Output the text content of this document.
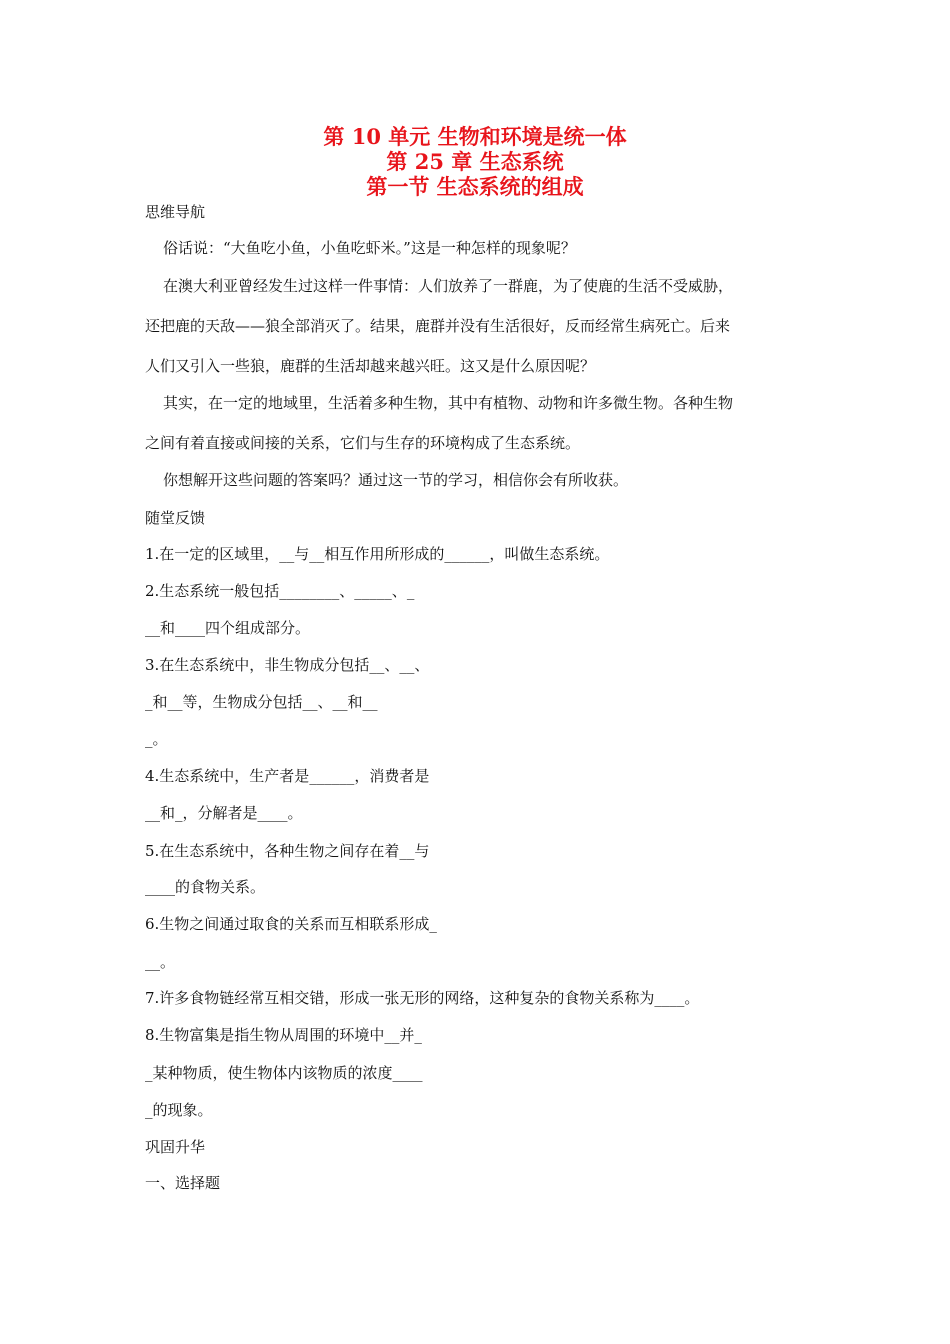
第 10 单元 生物和环境是统一体
第 25 章 生态系统
第一节 生态系统的组成
思维导航
俗话说：“大鱼吃小鱼，小鱼吃虾米。”这是一种怎样的现象呢？
在澳大利亚曾经发生过这样一件事情：人们放养了一群鹿，为了使鹿的生活不受威胁，
还把鹿的天敌——狼全部消灭了。结果，鹿群并没有生活很好，反而经常生病死亡。后来
人们又引入一些狼，鹿群的生活却越来越兴旺。这又是什么原因呢？
其实，在一定的地域里，生活着多种生物，其中有植物、动物和许多微生物。各种生物
之间有着直接或间接的关系，它们与生存的环境构成了生态系统。
你想解开这些问题的答案吗？通过这一节的学习，相信你会有所收获。
随堂反馈
1.在一定的区域里，__与__相互作用所形成的______，叫做生态系统。
2.生态系统一般包括________、_____、_
__和____四个组成部分。
3.在生态系统中，非生物成分包括__、__、
_和__等，生物成分包括__、__和__
_。
4.生态系统中，生产者是______，消费者是
__和_，分解者是____。
5.在生态系统中，各种生物之间存在着__与
____的食物关系。
6.生物之间通过取食的关系而互相联系形成_
__。
7.许多食物链经常互相交错，形成一张无形的网络，这种复杂的食物关系称为____。
8.生物富集是指生物从周围的环境中__并_
_某种物质，使生物体内该物质的浓度____
_的现象。
巩固升华
一、选择题
